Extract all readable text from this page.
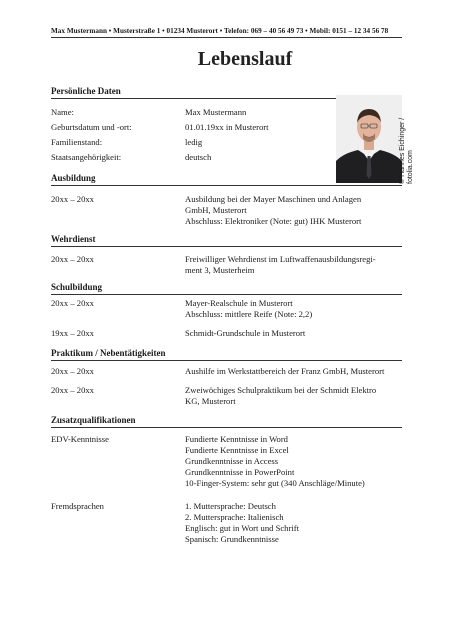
Max Mustermann • Musterstraße 1 • 01234 Musterort • Telefon: 069 – 40 56 49 73 • Mobil: 0151 – 12 34 56 78
Lebenslauf
Persönliche Daten
Name:	Max Mustermann
Geburtsdatum und -ort:	01.01.19xx in Musterort
Familienstand:	ledig
Staatsangehörigkeit:	deutsch	© Hannes Eichinger / fotolia.com
Ausbildung
20xx – 20xx	Ausbildung bei der Mayer Maschinen und Anlagen
GmbH, Musterort
Abschluss: Elektroniker (Note: gut) IHK Musterort
Wehrdienst
20xx – 20xx	Freiwilliger Wehrdienst im Luftwaffenausbildungsregi-
ment 3, Musterheim
Schulbildung
20xx – 20xx	Mayer-Realschule in Musterort
Abschluss: mittlere Reife (Note: 2,2)
19xx – 20xx	Schmidt-Grundschule in Musterort
Praktikum / Nebentätigkeiten
20xx – 20xx	Aushilfe im Werkstattbereich der Franz GmbH, Musterort
20xx – 20xx	Zweiwöchiges Schulpraktikum bei der Schmidt Elektro
KG, Musterort
Zusatzqualifikationen
EDV-Kenntnisse	Fundierte Kenntnisse in Word
Fundierte Kenntnisse in Excel
Grundkenntnisse in Access
Grundkenntnisse in PowerPoint
10-Finger-System: sehr gut (340 Anschläge/Minute)
Fremdsprachen	1. Muttersprache: Deutsch
2. Muttersprache: Italienisch
Englisch: gut in Wort und Schrift
Spanisch: Grundkenntnisse
